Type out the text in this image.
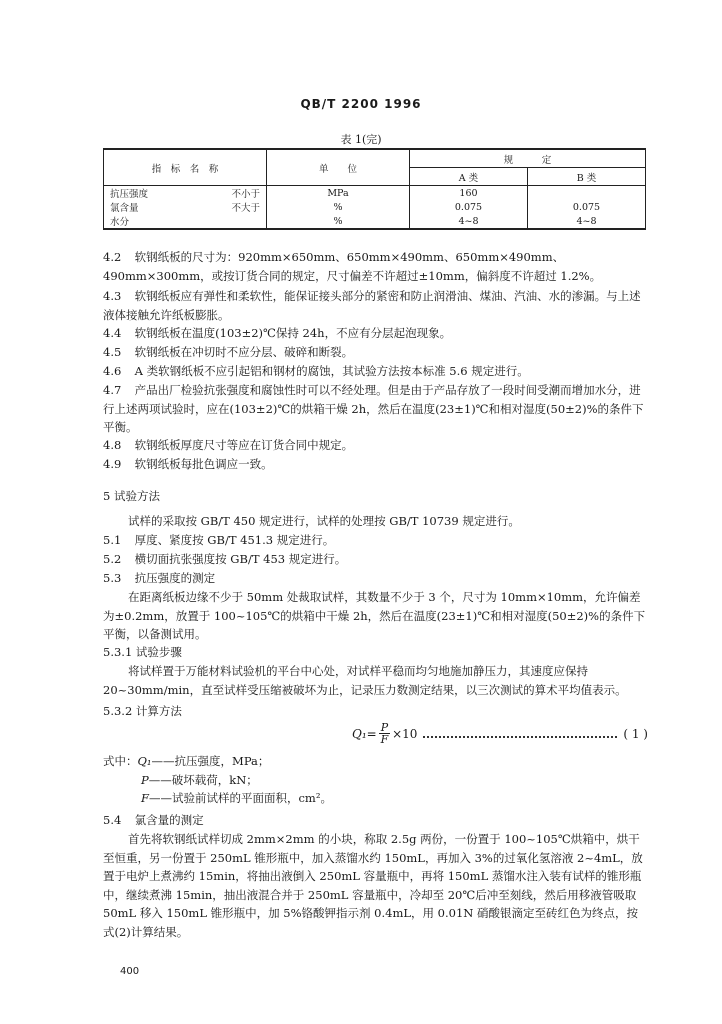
QB/T 2200 1996
表 1(完)
指　标　名　称	单　　位	规　　　定	
		A 类	B 类

抗压强度 不小于	MPa	160	

氯含量 不大于	%	0.075	0.075

水分	%	4~8	4~8
4.2 软钢纸板的尺寸为：920mm×650mm、650mm×490mm、650mm×490mm、490mm×300mm，或按订货合同的规定，尺寸偏差不许超过±10mm，偏斜度不许超过 1.2%。
4.3 软钢纸板应有弹性和柔软性，能保证接头部分的紧密和防止润滑油、煤油、汽油、水的渗漏。与上述液体接触允许纸板膨胀。
4.4 软钢纸板在温度(103±2)℃保持 24h，不应有分层起泡现象。
4.5 软钢纸板在冲切时不应分层、破碎和断裂。
4.6 A 类软钢纸板不应引起铝和钢材的腐蚀，其试验方法按本标准 5.6 规定进行。
4.7 产品出厂检验抗张强度和腐蚀性时可以不经处理。但是由于产品存放了一段时间受潮而增加水分，进行上述两项试验时，应在(103±2)℃的烘箱干燥 2h，然后在温度(23±1)℃和相对湿度(50±2)%的条件下平衡。
4.8 软钢纸板厚度尺寸等应在订货合同中规定。
4.9 软钢纸板每批色调应一致。
5 试验方法
试样的采取按 GB/T 450 规定进行，试样的处理按 GB/T 10739 规定进行。
5.1 厚度、紧度按 GB/T 451.3 规定进行。
5.2 横切面抗张强度按 GB/T 453 规定进行。
5.3 抗压强度的测定
在距离纸板边缘不少于 50mm 处裁取试样，其数量不少于 3 个，尺寸为 10mm×10mm，允许偏差为±0.2mm，放置于 100~105℃的烘箱中干燥 2h，然后在温度(23±1)℃和相对湿度(50±2)%的条件下平衡，以备测试用。
5.3.1 试验步骤
将试样置于万能材料试验机的平台中心处，对试样平稳而均匀地施加静压力，其速度应保持 20~30mm/min，直至试样受压缩被破坏为止，记录压力数测定结果，以三次测试的算术平均值表示。
5.3.2 计算方法
$Q_1= \frac{P}{F} \times 10$	( 1 )
式中：Q₁——抗压强度，MPa；
P——破坏载荷，kN；
F——试验前试样的平面面积，cm²。
5.4 氯含量的测定
首先将软钢纸试样切成 2mm×2mm 的小块，称取 2.5g 两份，一份置于 100~105℃烘箱中，烘干至恒重，另一份置于 250mL 锥形瓶中，加入蒸馏水约 150mL，再加入 3%的过氧化氢溶液 2~4mL，放置于电炉上煮沸约 15min，将抽出液倒入 250mL 容量瓶中，再将 150mL 蒸馏水注入装有试样的锥形瓶中，继续煮沸 15min，抽出液混合并于 250mL 容量瓶中，冷却至 20℃后冲至刻线，然后用移液管吸取 50mL 移入 150mL 锥形瓶中，加 5%铬酸钾指示剂 0.4mL，用 0.01N 硝酸银滴定至砖红色为终点，按式(2)计算结果。
400
